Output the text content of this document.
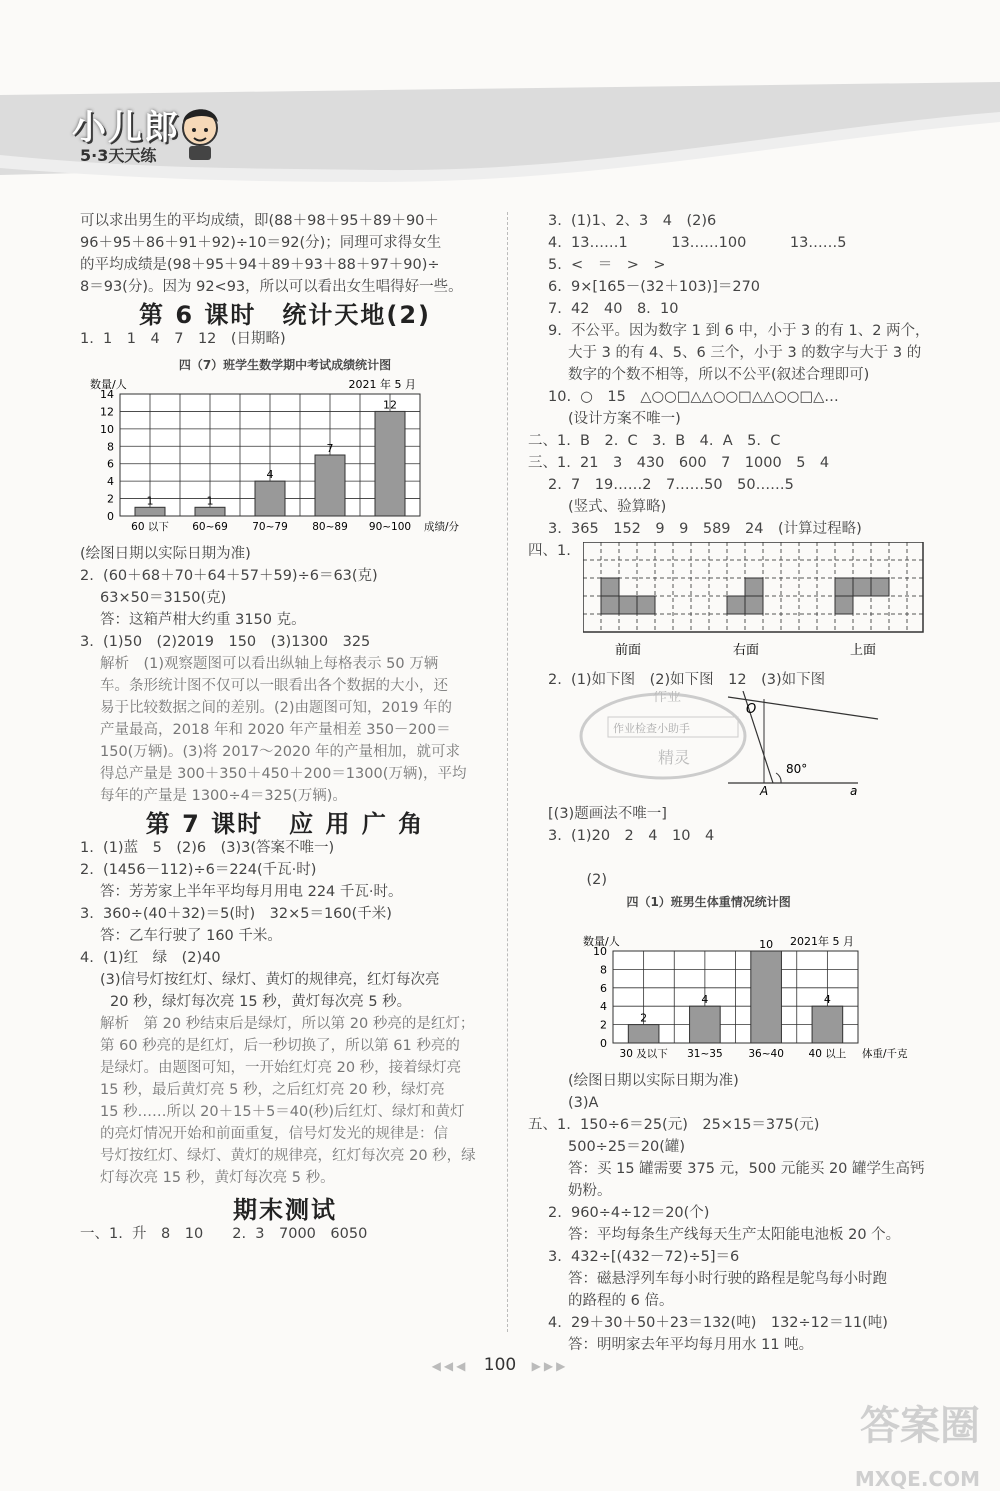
小儿郎
5·3天天练

可以求出男生的平均成绩，即(88＋98＋95＋89＋90＋

96＋95＋86＋91＋92)÷10＝92(分)；同理可求得女生

的平均成绩是(98＋95＋94＋89＋93＋88＋97＋90)÷

8＝93(分)。因为 92<93，所以可以看出女生唱得好一些。

第 6 课时　统计天地(2)

1.  1　1　4　7　12　(日期略)

四（7）班学生数学期中考试成绩统计图
0
2
4
6
8
10
12
14
1
60 以下
1
60~69
4
70~79
7
80~89
12
90~100
数量/人	2021 年 5 月
成绩/分

(绘图日期以实际日期为准)

2.  (60＋68＋70＋64＋57＋59)÷6＝63(克)

63×50＝3150(克)

答：这箱芦柑大约重 3150 克。

3.  (1)50　(2)2019　150　(3)1300　325

解析　(1)观察题图可以看出纵轴上每格表示 50 万辆

车。条形统计图不仅可以一眼看出各个数据的大小，还

易于比较数据之间的差别。(2)由题图可知，2019 年的

产量最高，2018 年和 2020 年产量相差 350－200＝

150(万辆)。(3)将 2017～2020 年的产量相加，就可求

得总产量是 300＋350＋450＋200＝1300(万辆)，平均

每年的产量是 1300÷4＝325(万辆)。

第 7 课时　应 用 广 角

1.  (1)蓝　5　(2)6　(3)3(答案不唯一)

2.  (1456－112)÷6＝224(千瓦·时)

答：芳芳家上半年平均每月用电 224 千瓦·时。

3.  360÷(40＋32)＝5(时)　32×5＝160(千米)

答：乙车行驶了 160 千米。

4.  (1)红　绿　(2)40

(3)信号灯按红灯、绿灯、黄灯的规律亮，红灯每次亮

20 秒，绿灯每次亮 15 秒，黄灯每次亮 5 秒。

解析　第 20 秒结束后是绿灯，所以第 20 秒亮的是红灯；

第 60 秒亮的是红灯，后一秒切换了，所以第 61 秒亮的

是绿灯。由题图可知，一开始红灯亮 20 秒，接着绿灯亮

15 秒，最后黄灯亮 5 秒，之后红灯亮 20 秒，绿灯亮

15 秒……所以 20＋15＋5＝40(秒)后红灯、绿灯和黄灯

的亮灯情况开始和前面重复，信号灯发光的规律是：信

号灯按红灯、绿灯、黄灯的规律亮，红灯每次亮 20 秒，绿

灯每次亮 15 秒，黄灯每次亮 5 秒。

期末测试

一、1.  升　8　10　　2.  3　7000　6050

3.  (1)1、2、3　4　(2)6

4.  13……1　　　13……100　　　13……5

5.  <　＝　>　>

6.  9×[165－(32＋103)]＝270

7.  42　40　8.  10

9.  不公平。因为数字 1 到 6 中，小于 3 的有 1、2 两个，

大于 3 的有 4、5、6 三个，小于 3 的数字与大于 3 的

数字的个数不相等，所以不公平(叙述合理即可)

10.  ○　15　△○○□△△○○□△△○○□△…

(设计方案不唯一)

二、1.  B　2.  C　3.  B　4.  A　5.  C

三、1.  21　3　430　600　7　1000　5　4

2.  7　19……2　7……50　50……5

(竖式、验算略)

3.  365　152　9　9　589　24　(计算过程略)

四、1.

前面	右面	上面

2.  (1)如下图　(2)如下图　12　(3)如下图

作业
作业检查小助手
精灵
O
80°
A	a

[(3)题画法不唯一]

3.  (1)20　2　4　10　4

(2)
四（1）班男生体重情况统计图

0
2
4
6
8
10
2
30 及以下
4
31~35
10
36~40
4
40 以上
数量/人	2021年 5 月
体重/千克

(绘图日期以实际日期为准)

(3)A

五、1.  150÷6＝25(元)　25×15＝375(元)

500÷25＝20(罐)

答：买 15 罐需要 375 元，500 元能买 20 罐学生高钙

奶粉。

2.  960÷4÷12＝20(个)

答：平均每条生产线每天生产太阳能电池板 20 个。

3.  432÷[(432－72)÷5]＝6

答：磁悬浮列车每小时行驶的路程是鸵鸟每小时跑

的路程的 6 倍。

4.  29＋30＋50＋23＝132(吨)　132÷12＝11(吨)

答：明明家去年平均每月用水 11 吨。

◀◀◀ 100 ▶▶▶
答案圈
MXQE.COM
